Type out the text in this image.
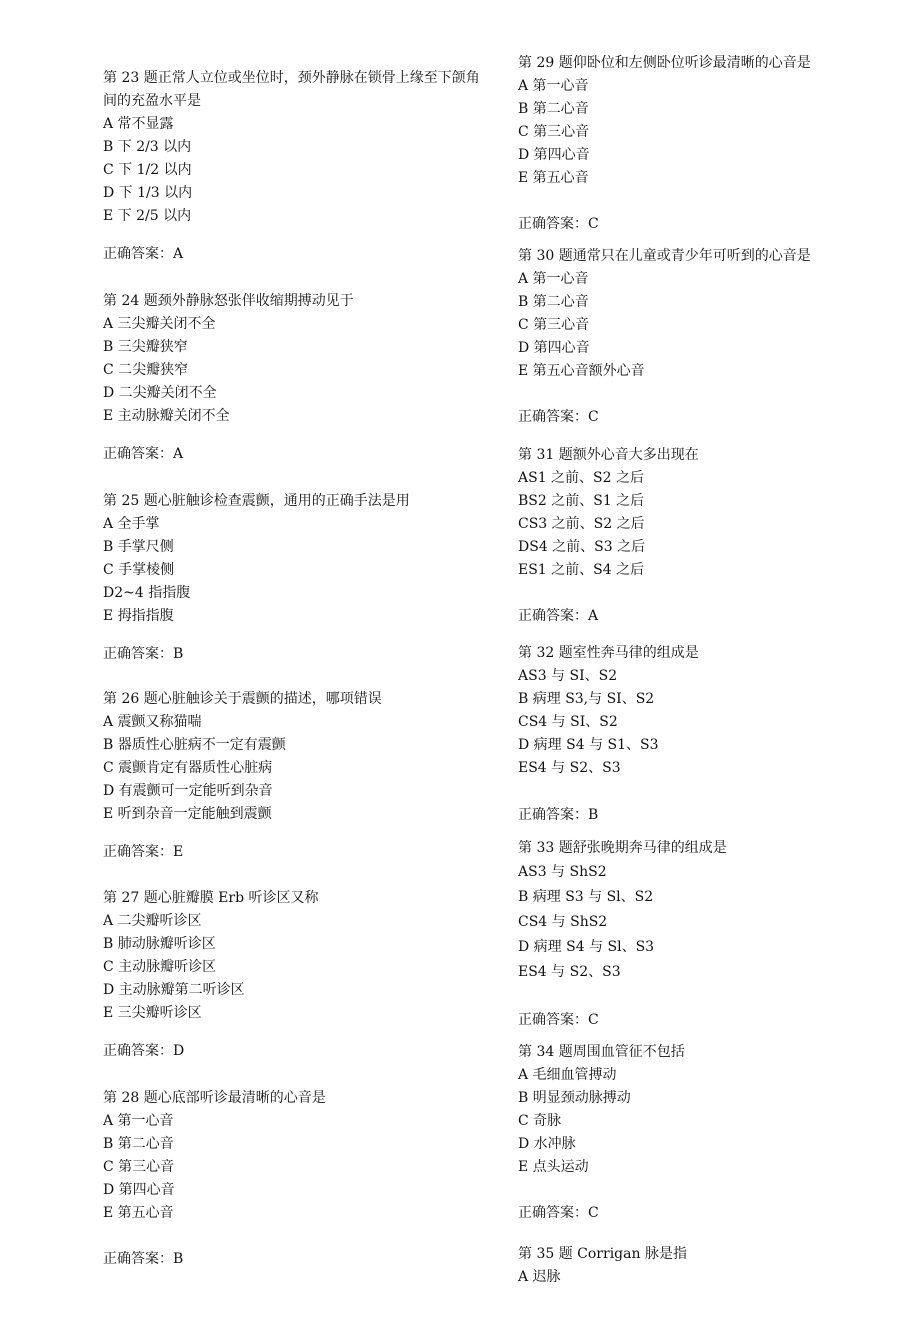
第 23 题正常人立位或坐位时，颈外静脉在锁骨上缘至下颌角间的充盈水平是
A 常不显露
B 下 2/3 以内
C 下 1/2 以内
D 下 1/3 以内
E 下 2/5 以内
正确答案：A
第 24 题颈外静脉怒张伴收缩期搏动见于
A 三尖瓣关闭不全
B 三尖瓣狭窄
C 二尖瓣狭窄
D 二尖瓣关闭不全
E 主动脉瓣关闭不全
正确答案：A
第 25 题心脏触诊检查震颤，通用的正确手法是用
A 全手掌
B 手掌尺侧
C 手掌棱侧
D2~4 指指腹
E 拇指指腹
正确答案：B
第 26 题心脏触诊关于震颤的描述，哪项错误
A 震颤又称猫喘
B 器质性心脏病不一定有震颤
C 震颤肯定有器质性心脏病
D 有震颤可一定能听到杂音
E 听到杂音一定能触到震颤
正确答案：E
第 27 题心脏瓣膜 Erb 听诊区又称
A 二尖瓣听诊区
B 肺动脉瓣听诊区
C 主动脉瓣听诊区
D 主动脉瓣第二听诊区
E 三尖瓣听诊区
正确答案：D
第 28 题心底部听诊最清晰的心音是
A 第一心音
B 第二心音
C 第三心音
D 第四心音
E 第五心音
正确答案：B
第 29 题仰卧位和左侧卧位听诊最清晰的心音是
A 第一心音
B 第二心音
C 第三心音
D 第四心音
E 第五心音
正确答案：C
第 30 题通常只在儿童或青少年可听到的心音是
A 第一心音
B 第二心音
C 第三心音
D 第四心音
E 第五心音额外心音
正确答案：C
第 31 题额外心音大多出现在
AS1 之前、S2 之后
BS2 之前、S1 之后
CS3 之前、S2 之后
DS4 之前、S3 之后
ES1 之前、S4 之后
正确答案：A
第 32 题室性奔马律的组成是
AS3 与 SI、S2
B 病理 S3,与 SI、S2
CS4 与 SI、S2
D 病理 S4 与 S1、S3
ES4 与 S2、S3
正确答案：B
第 33 题舒张晚期奔马律的组成是
AS3 与 ShS2
B 病理 S3 与 Sl、S2
CS4 与 ShS2
D 病理 S4 与 Sl、S3
ES4 与 S2、S3
正确答案：C
第 34 题周围血管征不包括
A 毛细血管搏动
B 明显颈动脉搏动
C 奇脉
D 水冲脉
E 点头运动
正确答案：C
第 35 题 Corrigan 脉是指
A 迟脉
